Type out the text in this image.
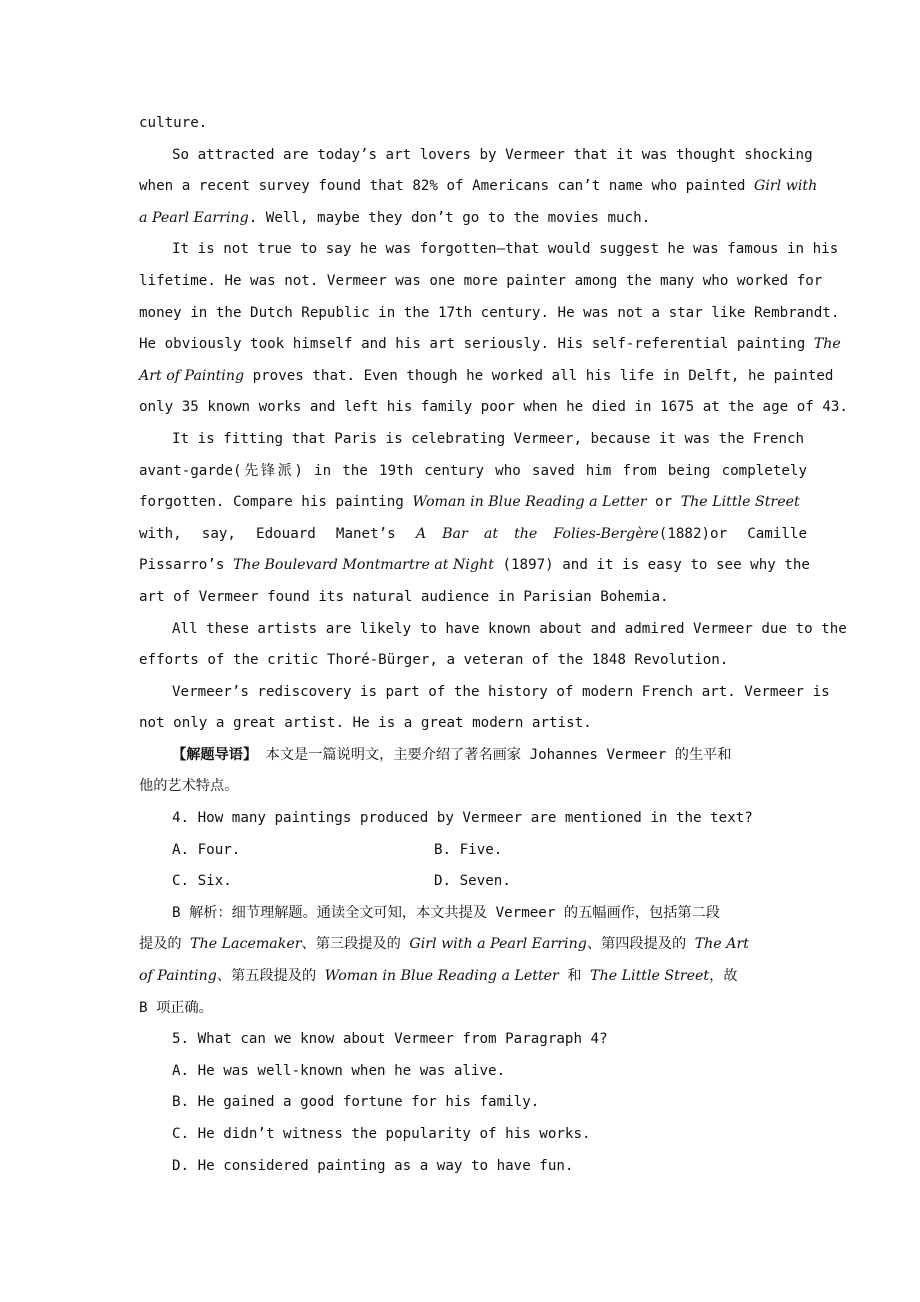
culture.
So attracted are today’s art lovers by Vermeer that it was thought shocking
when a recent survey found that 82% of Americans can’t name who painted Girl with
a Pearl Earring. Well, maybe they don’t go to the movies much.
It is not true to say he was forgotten—that would suggest he was famous in his
lifetime. He was not. Vermeer was one more painter among the many who worked for
money in the Dutch Republic in the 17th century. He was not a star like Rembrandt.
He obviously took himself and his art seriously. His self-referential painting The
Art of Painting proves that. Even though he worked all his life in Delft, he painted
only 35 known works and left his family poor when he died in 1675 at the age of 43.
It is fitting that Paris is celebrating Vermeer, because it was the French
avant-garde(先锋派) in the 19th century who saved him from being completely
forgotten. Compare his painting Woman in Blue Reading a Letter or The Little Street
with, say, Edouard Manet’s A Bar at the Folies-Bergère(1882)or Camille
Pissarro’s The Boulevard Montmartre at Night (1897) and it is easy to see why the
art of Vermeer found its natural audience in Parisian Bohemia.
All these artists are likely to have known about and admired Vermeer due to the
efforts of the critic Thoré-Bürger, a veteran of the 1848 Revolution.
Vermeer’s rediscovery is part of the history of modern French art. Vermeer is
not only a great artist. He is a great modern artist.
【解题导语】 本文是一篇说明文，主要介绍了著名画家 Johannes Vermeer 的生平和
他的艺术特点。
4. How many paintings produced by Vermeer are mentioned in the text?
A. Four.	B. Five.
C. Six.	D. Seven.
B 解析：细节理解题。通读全文可知，本文共提及 Vermeer 的五幅画作，包括第二段
提及的 The Lacemaker、第三段提及的 Girl with a Pearl Earring、第四段提及的 The Art
of Painting、第五段提及的 Woman in Blue Reading a Letter 和 The Little Street，故
B 项正确。
5. What can we know about Vermeer from Paragraph 4?
A. He was well-known when he was alive.
B. He gained a good fortune for his family.
C. He didn’t witness the popularity of his works.
D. He considered painting as a way to have fun.
